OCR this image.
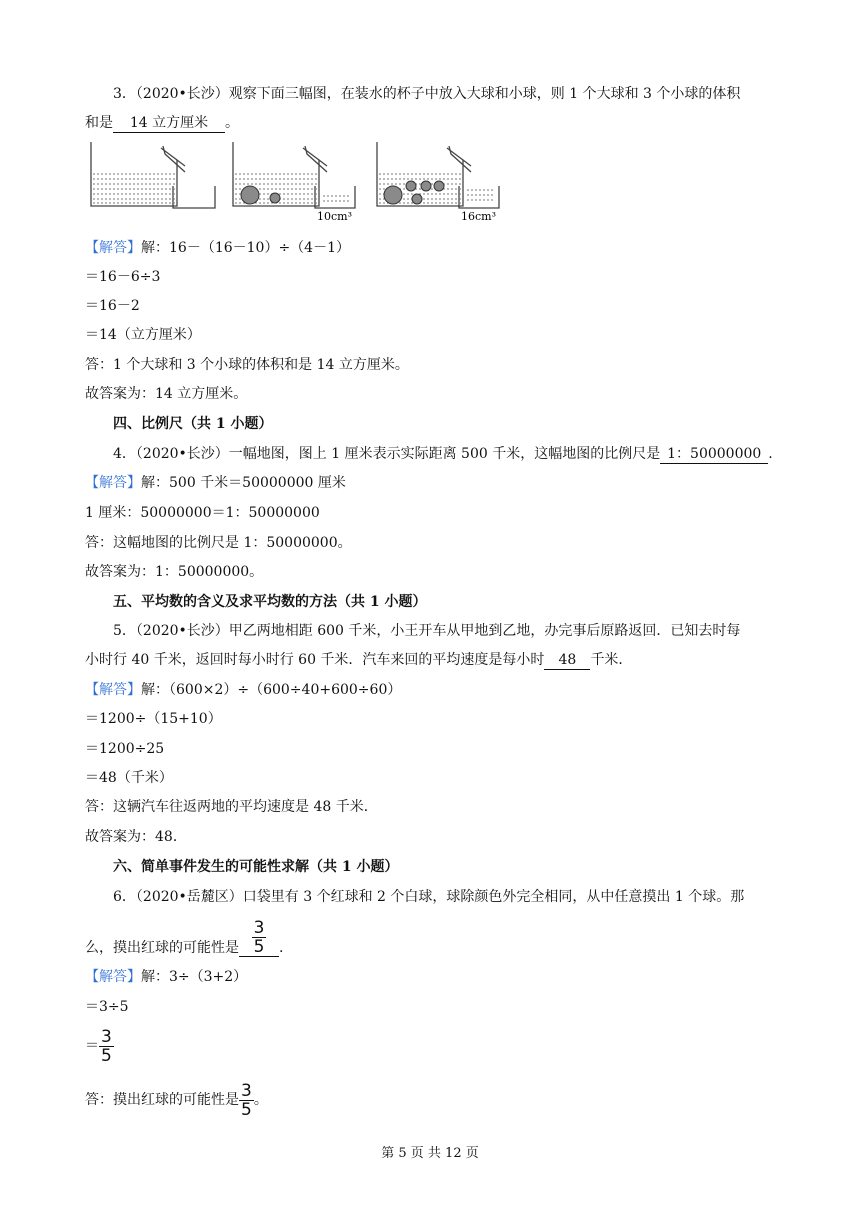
3．（2020•长沙）观察下面三幅图，在装水的杯子中放入大球和小球，则 1 个大球和 3 个小球的体积
和是 14 立方厘米 。
10cm³	16cm³
【解答】解：16－（16－10）÷（4－1）
＝16－6÷3
＝16－2
＝14（立方厘米）
答：1 个大球和 3 个小球的体积和是 14 立方厘米。
故答案为：14 立方厘米。
四、比例尺（共 1 小题）
4．（2020•长沙）一幅地图，图上 1 厘米表示实际距离 500 千米，这幅地图的比例尺是 1：50000000 .
【解答】解：500 千米＝50000000 厘米
1 厘米：50000000＝1：50000000
答：这幅地图的比例尺是 1：50000000。
故答案为：1：50000000。
五、平均数的含义及求平均数的方法（共 1 小题）
5．（2020•长沙）甲乙两地相距 600 千米，小王开车从甲地到乙地，办完事后原路返回．已知去时每
小时行 40 千米，返回时每小时行 60 千米．汽车来回的平均速度是每小时 48 千米．
【解答】解：（600×2）÷（600÷40+600÷60）
＝1200÷（15+10）
＝1200÷25
＝48（千米）
答：这辆汽车往返两地的平均速度是 48 千米．
故答案为：48．
六、简单事件发生的可能性求解（共 1 小题）
6．（2020•岳麓区）口袋里有 3 个红球和 2 个白球，球除颜色外完全相同，从中任意摸出 1 个球。那
么，摸出红球的可能性是 $\frac{3}{5}$ .
【解答】解：3÷（3+2）
＝3÷5
＝ $\frac{3}{5}$
答：摸出红球的可能性是 $\frac{3}{5}$ 。
第 5 页 共 12 页
